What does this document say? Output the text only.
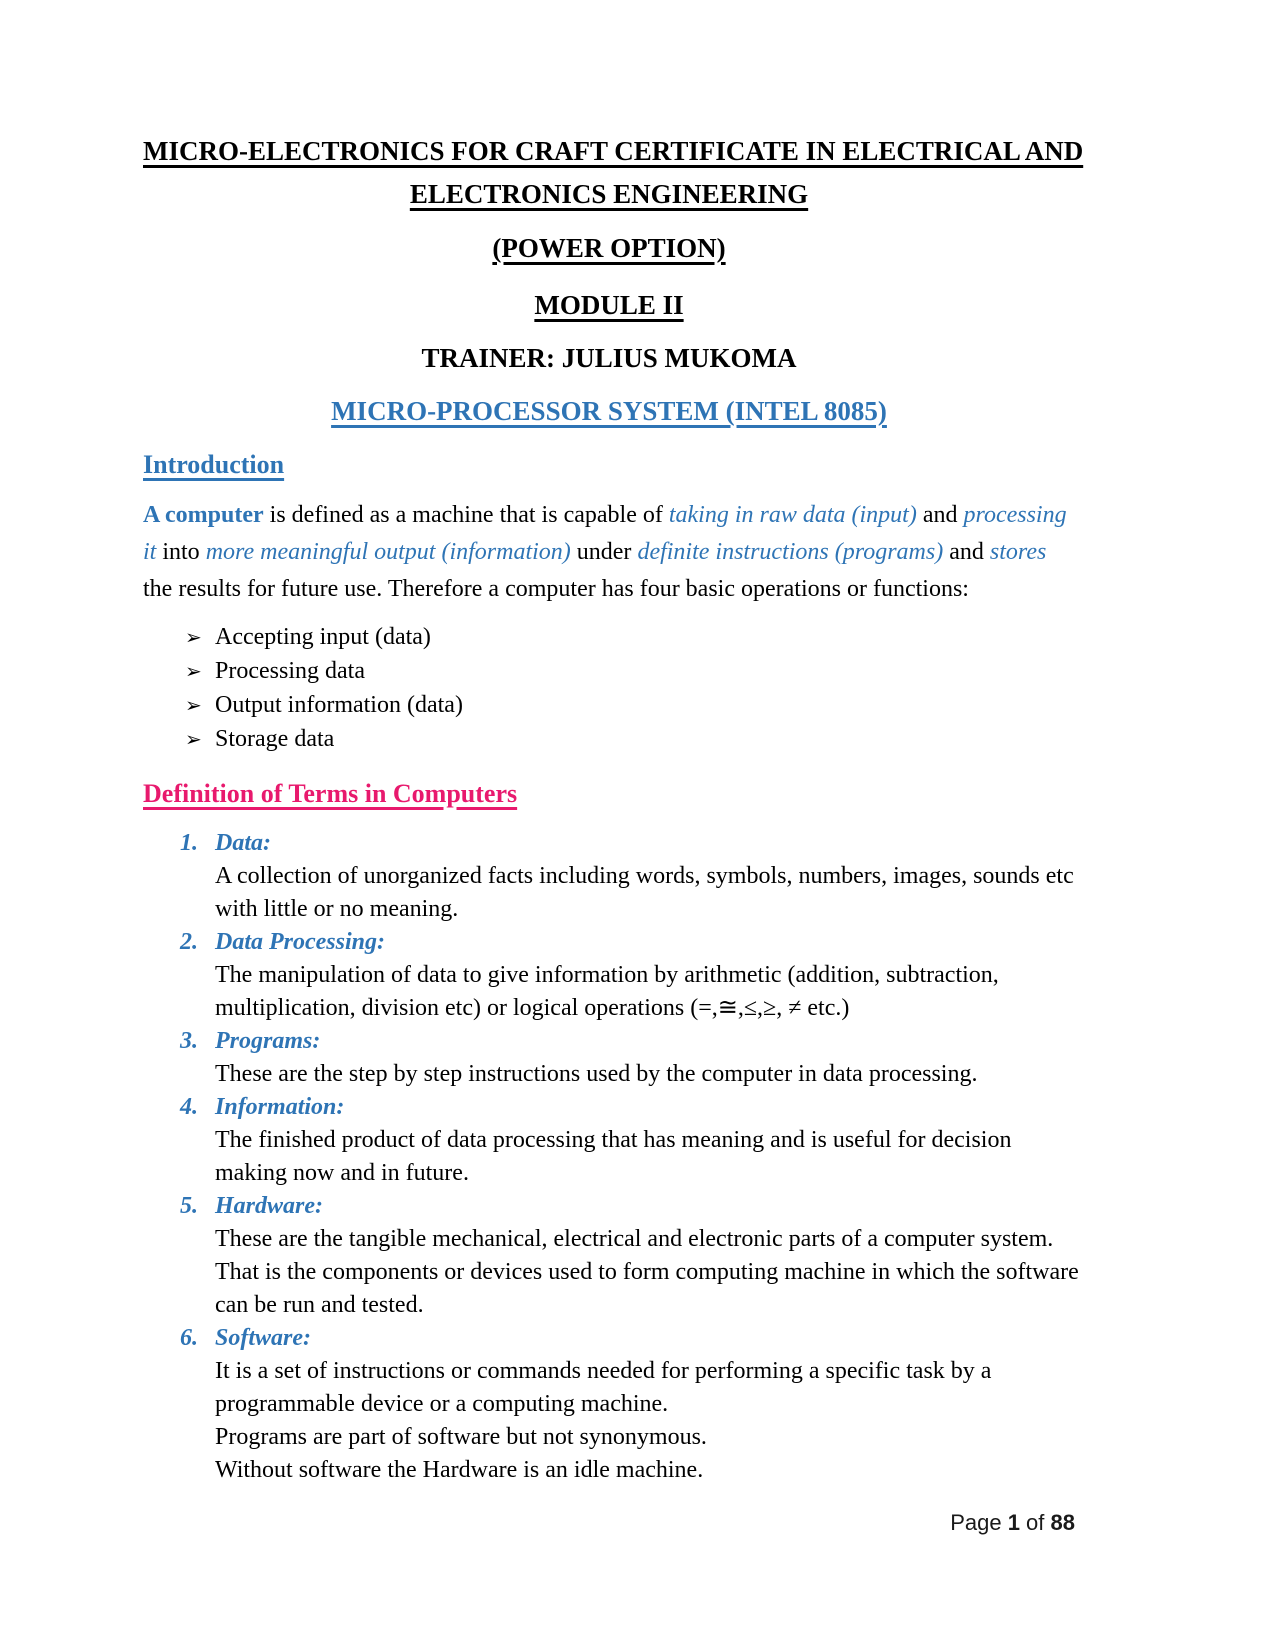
MICRO-ELECTRONICS FOR CRAFT CERTIFICATE IN ELECTRICAL AND
ELECTRONICS ENGINEERING
(POWER OPTION)
MODULE II
TRAINER: JULIUS MUKOMA
MICRO-PROCESSOR SYSTEM (INTEL 8085)
Introduction
A computer is defined as a machine that is capable of taking in raw data (input) and processing
it into more meaningful output (information) under definite instructions (programs) and stores
the results for future use. Therefore a computer has four basic operations or functions:
➢ Accepting input (data)
➢ Processing data
➢ Output information (data)
➢ Storage data
Definition of Terms in Computers
1. Data:
A collection of unorganized facts including words, symbols, numbers, images, sounds etc
with little or no meaning.
2. Data Processing:
The manipulation of data to give information by arithmetic (addition, subtraction,
multiplication, division etc) or logical operations (=,≅,≤,≥, ≠ etc.)
3. Programs:
These are the step by step instructions used by the computer in data processing.
4. Information:
The finished product of data processing that has meaning and is useful for decision
making now and in future.
5. Hardware:
These are the tangible mechanical, electrical and electronic parts of a computer system.
That is the components or devices used to form computing machine in which the software
can be run and tested.
6. Software:
It is a set of instructions or commands needed for performing a specific task by a
programmable device or a computing machine.
Programs are part of software but not synonymous.
Without software the Hardware is an idle machine.
Page 1 of 88
